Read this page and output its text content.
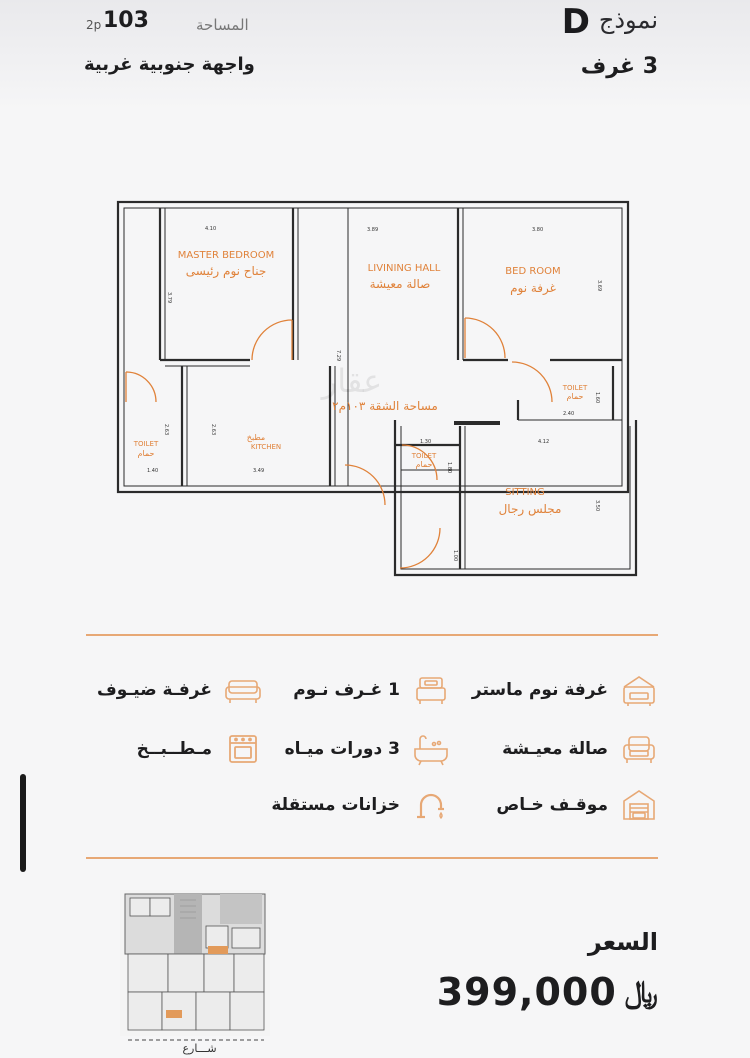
نموذج
D
3 غرف
المساحة
103
2p
واجهة جنوبية غربية
MASTER BEDROOM
جناح نوم رئيسى	LIVINING HALL
صالة معيشة
BED ROOM
غرفة نوم
TOILET
حمام
مطبخ
KITCHEN
TOILET
حمام	TOILET
حمام
SITTING
مجلس رجال
مساحة الشقة ١٠٣م٢
عقار
4.10	3.89	3.80
3.79
2.63
1.40
2.63
3.49
7.29
3.69
1.60
2.40
1.30
1.80
4.12
3.50
1.00
غرفة نوم ماستر
1 غـرف نـوم
غرفـة ضيـوف
صالة معيـشة
3 دورات ميـاه
مـطــبــخ
موقـف خـاص
خزانات مستقلة
شـــارع
السعر
399,000 ﷼
